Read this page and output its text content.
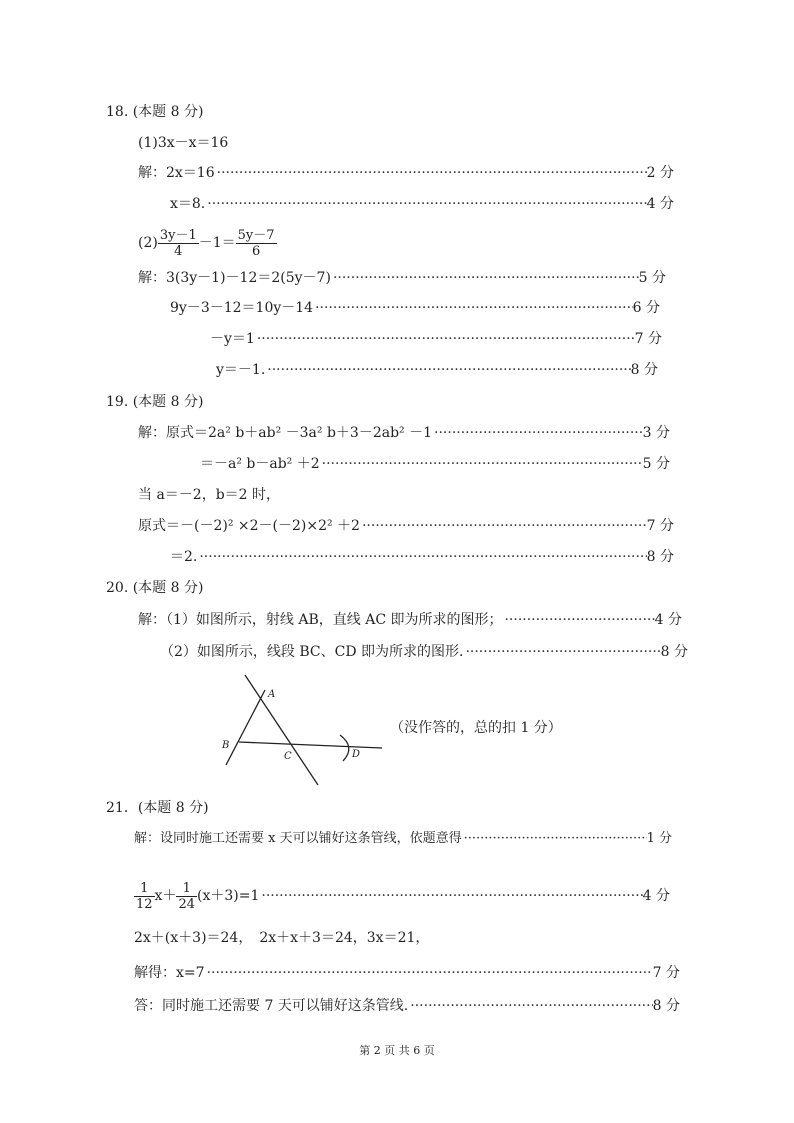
18. (本题 8 分)
(1)3x－x＝16
解：2x＝16 ·····	2 分
x＝8. ·····	4 分
$(2) \frac{3y-1}{4} -1= \frac{5y-7}{6}$
解：3(3y－1)－12＝2(5y－7) ·····	5 分
9y－3－12＝10y－14 ·····	6 分
－y＝1 ·····	7 分
y＝－1. ·····	8 分
19. (本题 8 分)
解：原式＝2a² b＋ab² －3a² b＋3－2ab² －1 ·····	3 分
＝－a² b－ab² ＋2 ·····	5 分
当 a＝－2，b＝2 时，
原式＝－(－2)² ×2－(－2)×2² ＋2 ·····	7 分
＝2. ·····	8 分
20. (本题 8 分)
解：（1）如图所示，射线 AB，直线 AC 即为所求的图形； ·····	4 分
（2）如图所示，线段 BC、CD 即为所求的图形. ·····	8 分
A
B
C	D
（没作答的，总的扣 1 分）
21．(本题 8 分)
解：设同时施工还需要 x 天可以铺好这条管线，依题意得 ·····	1 分
$\frac{1}{12} x+ \frac{1}{24} (x+3)=1$ ·····	4 分
2x＋(x＋3)＝24，　2x＋x＋3＝24，3x＝21，
解得：x=7 ·····	7 分
答：同时施工还需要 7 天可以铺好这条管线. ·····	8 分
第 2 页 共 6 页
